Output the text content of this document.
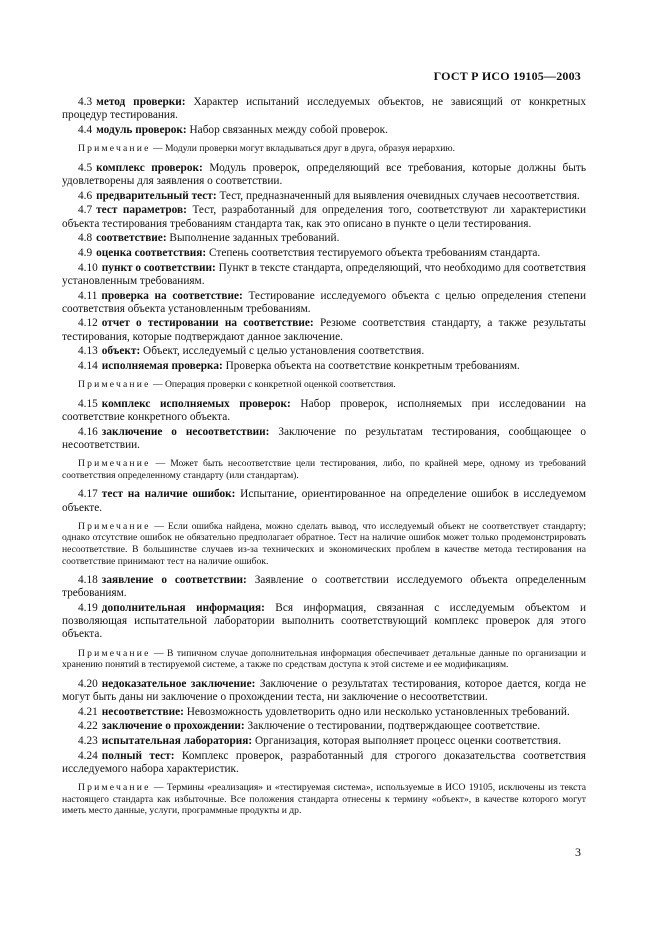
ГОСТ Р ИСО 19105—2003

4.3 метод проверки: Характер испытаний исследуемых объектов, не зависящий от конкретных процедур тестирования.

4.4 модуль проверок: Набор связанных между собой проверок.

Примечание — Модули проверки могут вкладываться друг в друга, образуя иерархию.

4.5 комплекс проверок: Модуль проверок, определяющий все требования, которые должны быть удовлетворены для заявления о соответствии.

4.6 предварительный тест: Тест, предназначенный для выявления очевидных случаев несоответствия.

4.7 тест параметров: Тест, разработанный для определения того, соответствуют ли характеристики объекта тестирования требованиям стандарта так, как это описано в пункте о цели тестирования.

4.8 соответствие: Выполнение заданных требований.

4.9 оценка соответствия: Степень соответствия тестируемого объекта требованиям стандарта.

4.10 пункт о соответствии: Пункт в тексте стандарта, определяющий, что необходимо для соответствия установленным требованиям.

4.11 проверка на соответствие: Тестирование исследуемого объекта с целью определения степени соответствия объекта установленным требованиям.

4.12 отчет о тестировании на соответствие: Резюме соответствия стандарту, а также результаты тестирования, которые подтверждают данное заключение.

4.13 объект: Объект, исследуемый с целью установления соответствия.

4.14 исполняемая проверка: Проверка объекта на соответствие конкретным требованиям.

Примечание — Операция проверки с конкретной оценкой соответствия.

4.15 комплекс исполняемых проверок: Набор проверок, исполняемых при исследовании на соответствие конкретного объекта.

4.16 заключение о несоответствии: Заключение по результатам тестирования, сообщающее о несоответствии.

Примечание — Может быть несоответствие цели тестирования, либо, по крайней мере, одному из требований соответствия определенному стандарту (или стандартам).

4.17 тест на наличие ошибок: Испытание, ориентированное на определение ошибок в исследуемом объекте.

Примечание — Если ошибка найдена, можно сделать вывод, что исследуемый объект не соответствует стандарту; однако отсутствие ошибок не обязательно предполагает обратное. Тест на наличие ошибок может только продемонстрировать несоответствие. В большинстве случаев из-за технических и экономических проблем в качестве метода тестирования на соответствие принимают тест на наличие ошибок.

4.18 заявление о соответствии: Заявление о соответствии исследуемого объекта определенным требованиям.

4.19 дополнительная информация: Вся информация, связанная с исследуемым объектом и позволяющая испытательной лаборатории выполнить соответствующий комплекс проверок для этого объекта.

Примечание — В типичном случае дополнительная информация обеспечивает детальные данные по организации и хранению понятий в тестируемой системе, а также по средствам доступа к этой системе и ее модификациям.

4.20 недоказательное заключение: Заключение о результатах тестирования, которое дается, когда не могут быть даны ни заключение о прохождении теста, ни заключение о несоответствии.

4.21 несоответствие: Невозможность удовлетворить одно или несколько установленных требований.

4.22 заключение о прохождении: Заключение о тестировании, подтверждающее соответствие.

4.23 испытательная лаборатория: Организация, которая выполняет процесс оценки соответствия.

4.24 полный тест: Комплекс проверок, разработанный для строгого доказательства соответствия исследуемого набора характеристик.

Примечание — Термины «реализация» и «тестируемая система», используемые в ИСО 19105, исключены из текста настоящего стандарта как избыточные. Все положения стандарта отнесены к термину «объект», в качестве которого могут иметь место данные, услуги, программные продукты и др.

3
